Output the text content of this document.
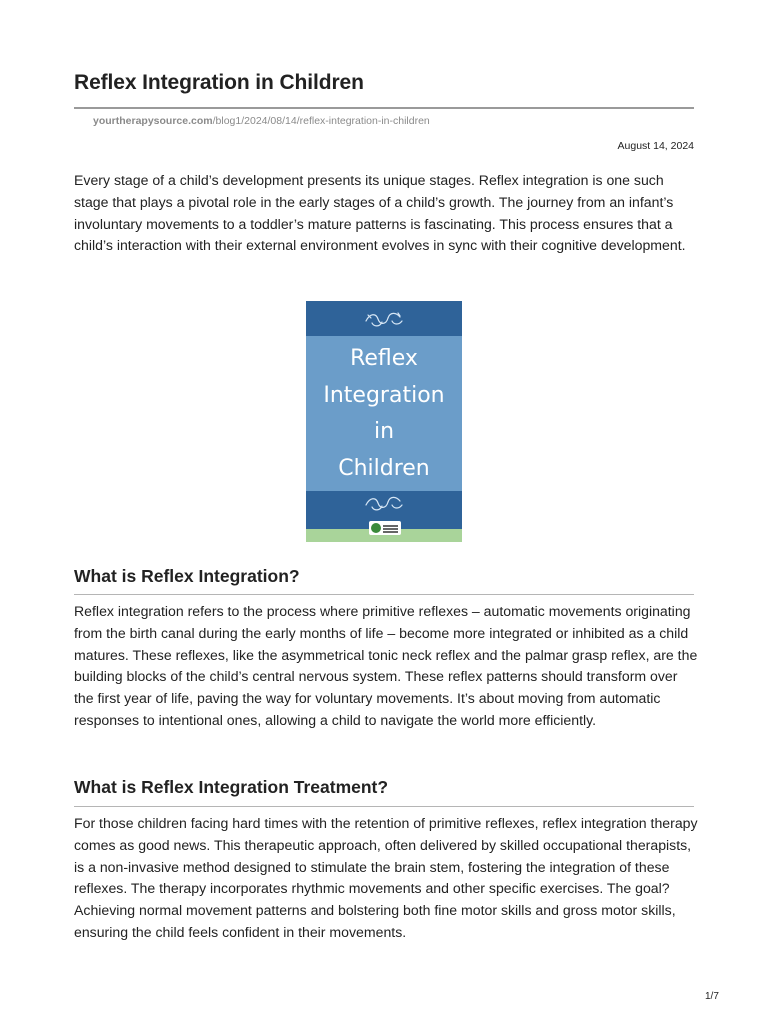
Reflex Integration in Children
yourtherapysource.com/blog1/2024/08/14/reflex-integration-in-children
August 14, 2024

Every stage of a child’s development presents its unique stages. Reflex integration is one such stage that plays a pivotal role in the early stages of a child’s growth. The journey from an infant’s involuntary movements to a toddler’s mature patterns is fascinating. This process ensures that a child’s interaction with their external environment evolves in sync with their cognitive development.

Reflex
Integration
in
Children
What is Reflex Integration?

Reflex integration refers to the process where primitive reflexes – automatic movements originating from the birth canal during the early months of life – become more integrated or inhibited as a child matures. These reflexes, like the asymmetrical tonic neck reflex and the palmar grasp reflex, are the building blocks of the child’s central nervous system. These reflex patterns should transform over the first year of life, paving the way for voluntary movements. It’s about moving from automatic responses to intentional ones, allowing a child to navigate the world more efficiently.

What is Reflex Integration Treatment?

For those children facing hard times with the retention of primitive reflexes, reflex integration therapy comes as good news. This therapeutic approach, often delivered by skilled occupational therapists, is a non-invasive method designed to stimulate the brain stem, fostering the integration of these reflexes. The therapy incorporates rhythmic movements and other specific exercises. The goal? Achieving normal movement patterns and bolstering both fine motor skills and gross motor skills, ensuring the child feels confident in their movements.

1/7
